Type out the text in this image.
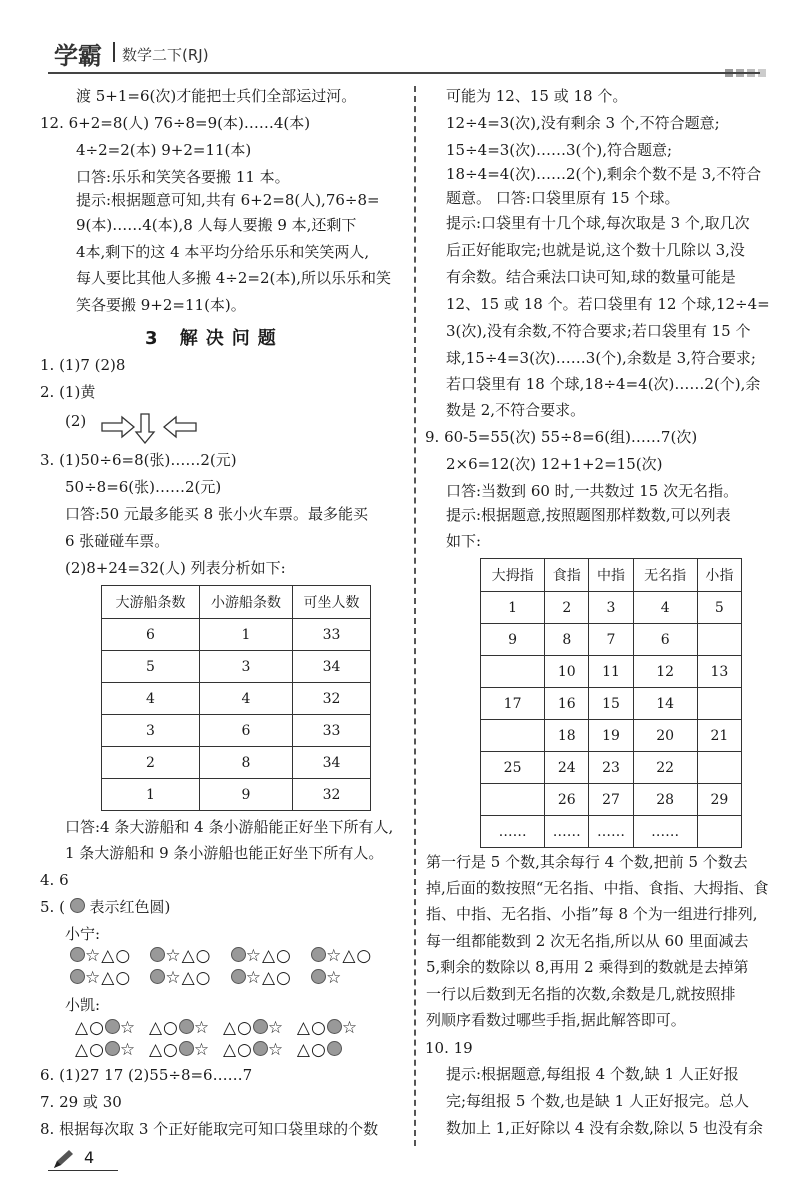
学霸 数学二下(RJ)
渡 5+1=6(次)才能把士兵们全部运过河。
12. 6+2=8(人) 76÷8=9(本)……4(本)
4÷2=2(本) 9+2=11(本)
口答:乐乐和笑笑各要搬 11 本。
提示:根据题意可知,共有 6+2=8(人),76÷8=
9(本)……4(本),8 人每人要搬 9 本,还剩下
4本,剩下的这 4 本平均分给乐乐和笑笑两人,
每人要比其他人多搬 4÷2=2(本),所以乐乐和笑
笑各要搬 9+2=11(本)。
3 解决问题
1. (1)7 (2)8
2. (1)黄
(2)
3. (1)50÷6=8(张)……2(元)
50÷8=6(张)……2(元)
口答:50 元最多能买 8 张小火车票。最多能买
6 张碰碰车票。
(2)8+24=32(人) 列表分析如下:
大游船条数	小游船条数	可坐人数
6	1	33
5	3	34
4	4	32
3	6	33
2	8	34
1	9	32
口答:4 条大游船和 4 条小游船能正好坐下所有人,
1 条大游船和 9 条小游船也能正好坐下所有人。
4. 6
5. ( 表示红色圆)
小宁:
☆△○   ☆△○   ☆△○   ☆△○
☆△○   ☆△○   ☆△○   ☆
小凯:
△○ ☆  △○ ☆  △○ ☆  △○ ☆
△○ ☆  △○ ☆  △○ ☆  △○
6. (1)27 17 (2)55÷8=6……7
7. 29 或 30
8. 根据每次取 3 个正好能取完可知口袋里球的个数
可能为 12、15 或 18 个。
12÷4=3(次),没有剩余 3 个,不符合题意;
15÷4=3(次)……3(个),符合题意;
18÷4=4(次)……2(个),剩余个数不是 3,不符合
题意。 口答:口袋里原有 15 个球。
提示:口袋里有十几个球,每次取是 3 个,取几次
后正好能取完;也就是说,这个数十几除以 3,没
有余数。结合乘法口诀可知,球的数量可能是
12、15 或 18 个。若口袋里有 12 个球,12÷4=
3(次),没有余数,不符合要求;若口袋里有 15 个
球,15÷4=3(次)……3(个),余数是 3,符合要求;
若口袋里有 18 个球,18÷4=4(次)……2(个),余
数是 2,不符合要求。
9. 60-5=55(次) 55÷8=6(组)……7(次)
2×6=12(次) 12+1+2=15(次)
口答:当数到 60 时,一共数过 15 次无名指。
提示:根据题意,按照题图那样数数,可以列表
如下:
大拇指	食指	中指	无名指	小指
1	2	3	4	5
9	8	7	6	
	10	11	12	13
17	16	15	14	
	18	19	20	21
25	24	23	22	
	26	27	28	29
……	……	……	……	
第一行是 5 个数,其余每行 4 个数,把前 5 个数去
掉,后面的数按照“无名指、中指、食指、大拇指、食
指、中指、无名指、小指”每 8 个为一组进行排列,
每一组都能数到 2 次无名指,所以从 60 里面减去
5,剩余的数除以 8,再用 2 乘得到的数就是去掉第
一行以后数到无名指的次数,余数是几,就按照排
列顺序看数过哪些手指,据此解答即可。
10. 19
提示:根据题意,每组报 4 个数,缺 1 人正好报
完;每组报 5 个数,也是缺 1 人正好报完。总人
数加上 1,正好除以 4 没有余数,除以 5 也没有余
4
